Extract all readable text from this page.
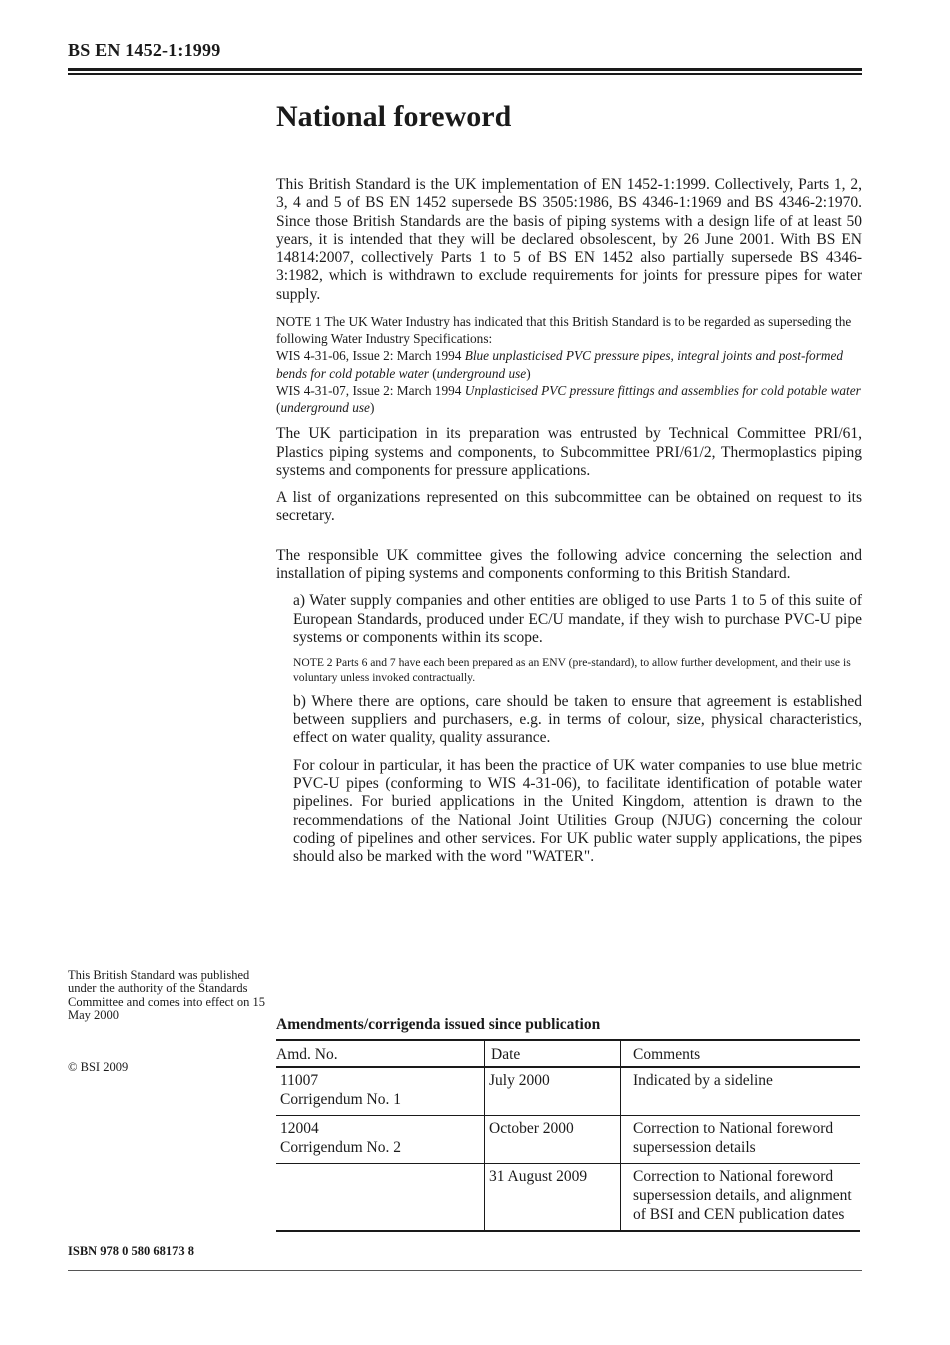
BS EN 1452-1:1999
National foreword

This British Standard is the UK implementation of EN 1452-1:1999. Collectively, Parts 1, 2, 3, 4 and 5 of BS EN 1452 supersede BS 3505:1986, BS 4346-1:1969 and BS 4346-2:1970. Since those British Standards are the basis of piping systems with a design life of at least 50 years, it is intended that they will be declared obsolescent, by 26 June 2001. With BS EN 14814:2007, collectively Parts 1 to 5 of BS EN 1452 also partially supersede BS 4346-3:1982, which is withdrawn to exclude requirements for joints for pressure pipes for water supply.

NOTE 1 The UK Water Industry has indicated that this British Standard is to be regarded as superseding the following Water Industry Specifications:
WIS 4-31-06, Issue 2: March 1994 Blue unplasticised PVC pressure pipes, integral joints and post-formed bends for cold potable water (underground use)
WIS 4-31-07, Issue 2: March 1994 Unplasticised PVC pressure fittings and assemblies for cold potable water (underground use)

The UK participation in its preparation was entrusted by Technical Committee PRI/61, Plastics piping systems and components, to Subcommittee PRI/61/2, Thermoplastics piping systems and components for pressure applications.

A list of organizations represented on this subcommittee can be obtained on request to its secretary.

The responsible UK committee gives the following advice concerning the selection and installation of piping systems and components conforming to this British Standard.

a) Water supply companies and other entities are obliged to use Parts 1 to 5 of this suite of European Standards, produced under EC/U mandate, if they wish to purchase PVC-U pipe systems or components within its scope.

NOTE 2 Parts 6 and 7 have each been prepared as an ENV (pre-standard), to allow further development, and their use is voluntary unless invoked contractually.

b) Where there are options, care should be taken to ensure that agreement is established between suppliers and purchasers, e.g. in terms of colour, size, physical characteristics, effect on water quality, quality assurance.

For colour in particular, it has been the practice of UK water companies to use blue metric PVC-U pipes (conforming to WIS 4-31-06), to facilitate identification of potable water pipelines. For buried applications in the United Kingdom, attention is drawn to the recommendations of the National Joint Utilities Group (NJUG) concerning the colour coding of pipelines and other services. For UK public water supply applications, the pipes should also be marked with the word "WATER".

This British Standard was published under the authority of the Standards Committee and comes into effect on 15 May 2000
© BSI 2009
ISBN 978 0 580 68173 8
Amendments/corrigenda issued since publication
Amd. No.	Date	Comments

11007
Corrigendum No. 1	July 2000	Indicated by a sideline

12004
Corrigendum No. 2	October 2000	Correction to National foreword supersession details

	31 August 2009	Correction to National foreword supersession details, and alignment of BSI and CEN publication dates
